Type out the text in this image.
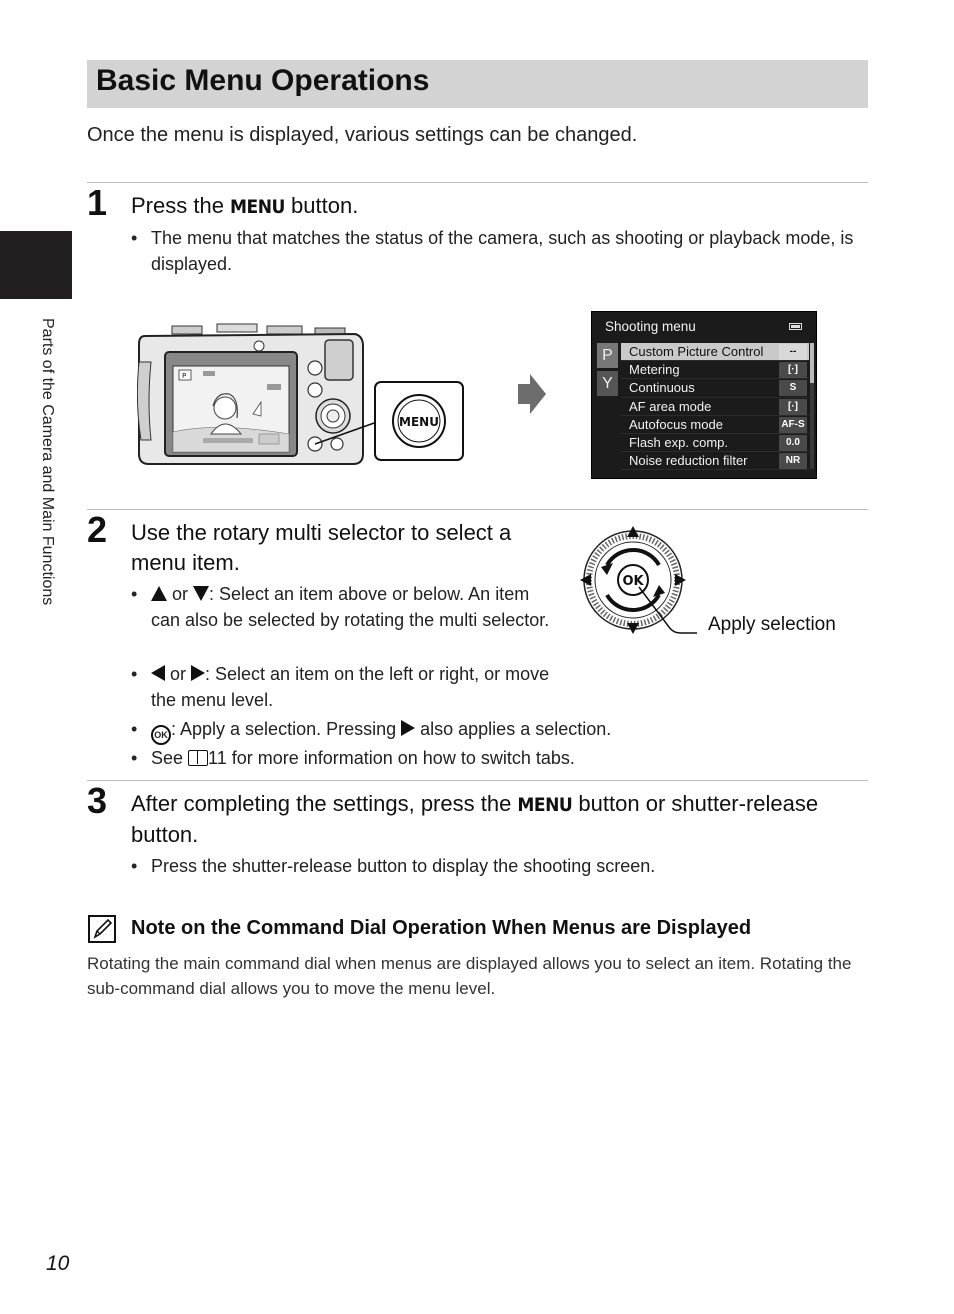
Parts of the Camera and Main Functions
Basic Menu Operations
Once the menu is displayed, various settings can be changed.
1 Press the MENU button.
• The menu that matches the status of the camera, such as shooting or playback mode, is displayed.
P
MENU
Shooting menu
P
Y
Custom Picture Control	--
Metering	[·]
Continuous	S
AF area mode	[·]
Autofocus mode	AF-S
Flash exp. comp.	0.0
Noise reduction filter	NR
2 Use the rotary multi selector to select a
menu item.
•	or : Select an item above or below. An item can also be selected by rotating the multi selector.
•	or : Select an item on the left or right, or move the menu level.
•	OK : Apply a selection. Pressing  also applies a selection.
• See 11 for more information on how to switch tabs.
OK
Apply selection
3 After completing the settings, press the MENU button or shutter-release
button.
• Press the shutter-release button to display the shooting screen.
Note on the Command Dial Operation When Menus are Displayed
Rotating the main command dial when menus are displayed allows you to select an item. Rotating the sub-command dial allows you to move the menu level.
10
